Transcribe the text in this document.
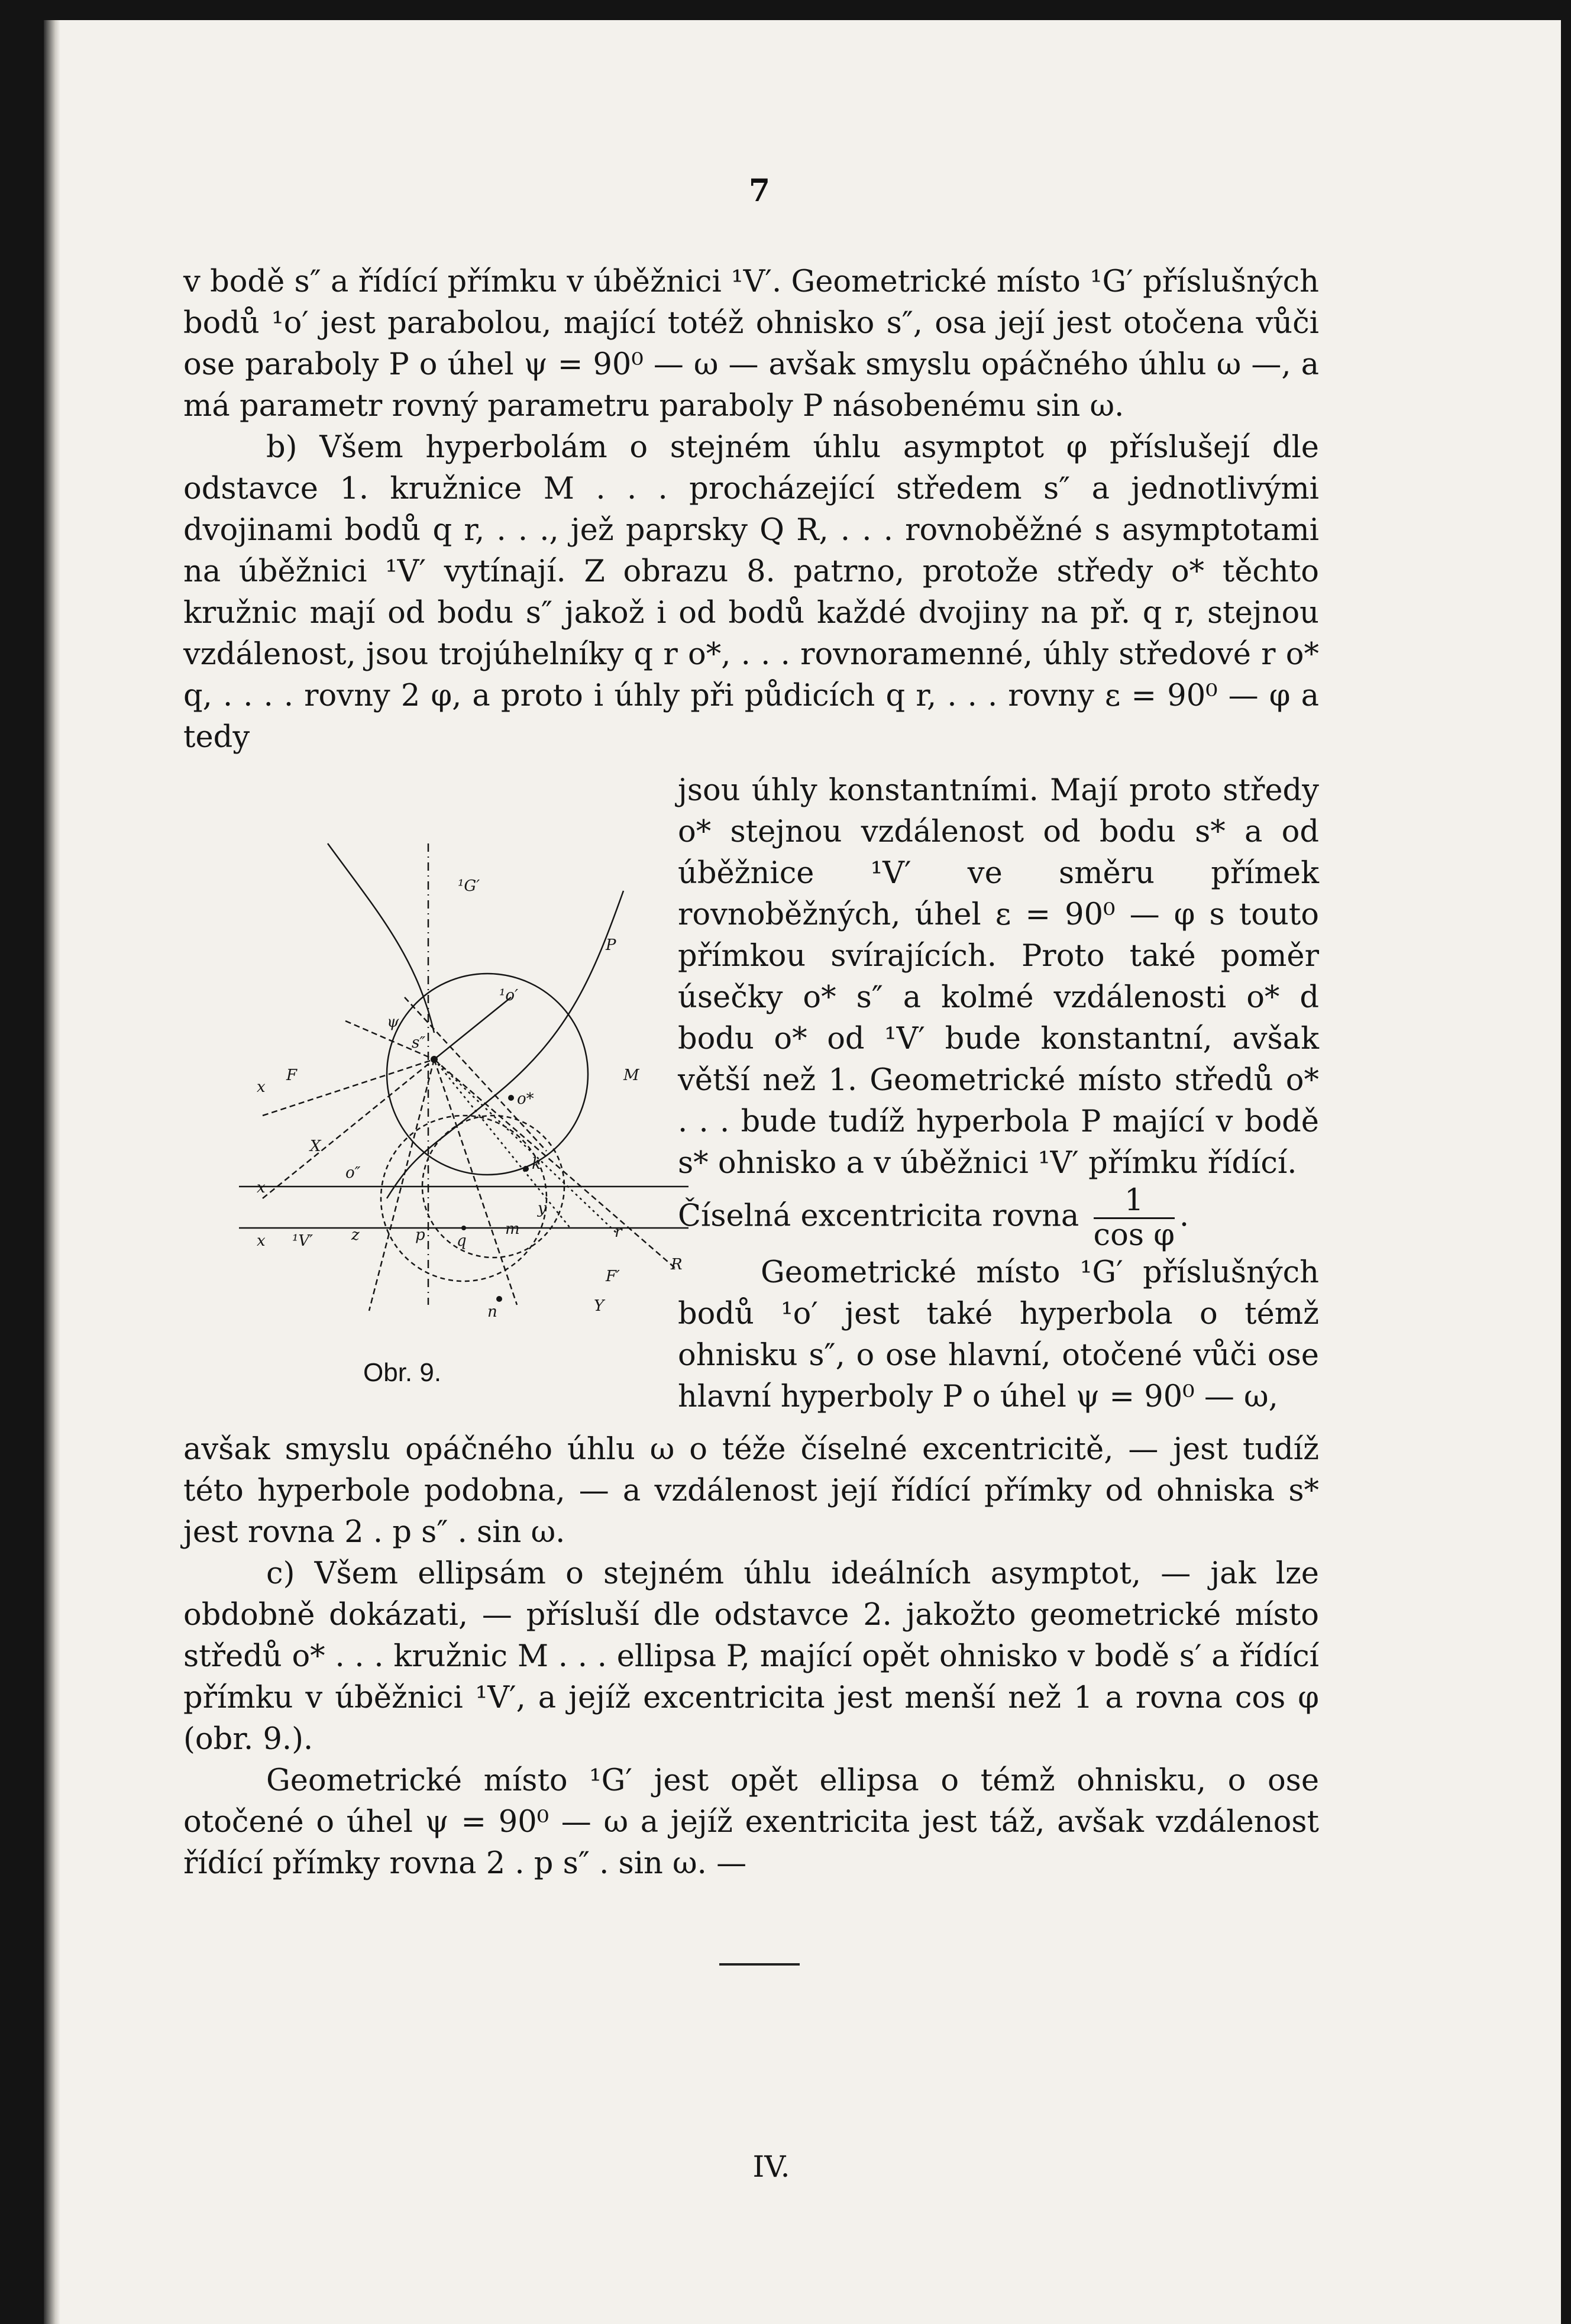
7

v bodě s″ a řídící přímku v úběžnici ¹V′. Geometrické místo ¹G′ příslušných bodů ¹o′ jest parabolou, mající totéž ohnisko s″, osa její jest otočena vůči ose paraboly P o úhel ψ = 90⁰ — ω — avšak smyslu opáčného úhlu ω —, a má parametr rovný parametru paraboly P násobenému sin ω.

b) Všem hyperbolám o stejném úhlu asymptot φ příslušejí dle odstavce 1. kružnice M . . . procházející středem s″ a jednotlivými dvojinami bodů q r, . . ., jež paprsky Q R, . . . rovnoběžné s asymptotami na úběžnici ¹V′ vytínají. Z obrazu 8. patrno, protože středy o* těchto kružnic mají od bodu s″ jakož i od bodů každé dvojiny na př. q r, stejnou vzdálenost, jsou trojúhelníky q r o*, . . . rovnoramenné, úhly středové r o* q, . . . . rovny 2 φ, a proto i úhly při půdicích q r, . . . rovny ε = 90⁰ — φ a tedy

jsou úhly konstantními. Mají proto středy o* stejnou vzdálenost od bodu s* a od úběžnice ¹V′ ve směru přímek rovnoběžných, úhel ε = 90⁰ — φ s touto přímkou svírajících. Proto také poměr úsečky o* s″ a kolmé vzdálenosti o* d bodu o* od ¹V′ bude konstantní, avšak větší než 1. Geometrické místo středů o* . . . bude tudíž hyperbola P mající v bodě s* ohnisko a v úběžnici ¹V′ přímku řídící.

Číselná excentricita rovna $\frac{1}{\text{cos φ}}$ .

Geometrické místo ¹G′ příslušných bodů ¹o′ jest také hyperbola o témž ohnisku s″, o ose hlavní, otočené vůči ose hlavní hyperboly P o úhel ψ = 90⁰ — ω,

avšak smyslu opáčného úhlu ω o téže číselné excentricitě, — jest tudíž této hyperbole podobna, — a vzdálenost její řídící přímky od ohniska s* jest rovna 2 . p s″ . sin ω.

c) Všem ellipsám o stejném úhlu ideálních asymptot, — jak lze obdobně dokázati, — přísluší dle odstavce 2. jakožto geometrické místo středů o* . . . kružnic M . . . ellipsa P, mající opět ohnisko v bodě s′ a řídící přímku v úběžnici ¹V′, a jejíž excentricita jest menší než 1 a rovna cos φ (obr. 9.).

Geometrické místo ¹G′ jest opět ellipsa o témž ohnisku, o ose otočené o úhel ψ = 90⁰ — ω a jejíž exentricita jest táž, avšak vzdálenost řídící přímky rovna 2 . p s″ . sin ω. —

¹G′
P
M
ψ
s″
F
x
X
x
o″
x ¹V′ z	p q
m
y
r
R
F′
Y
k
n
o*
¹o′
Obr. 9.
IV.
